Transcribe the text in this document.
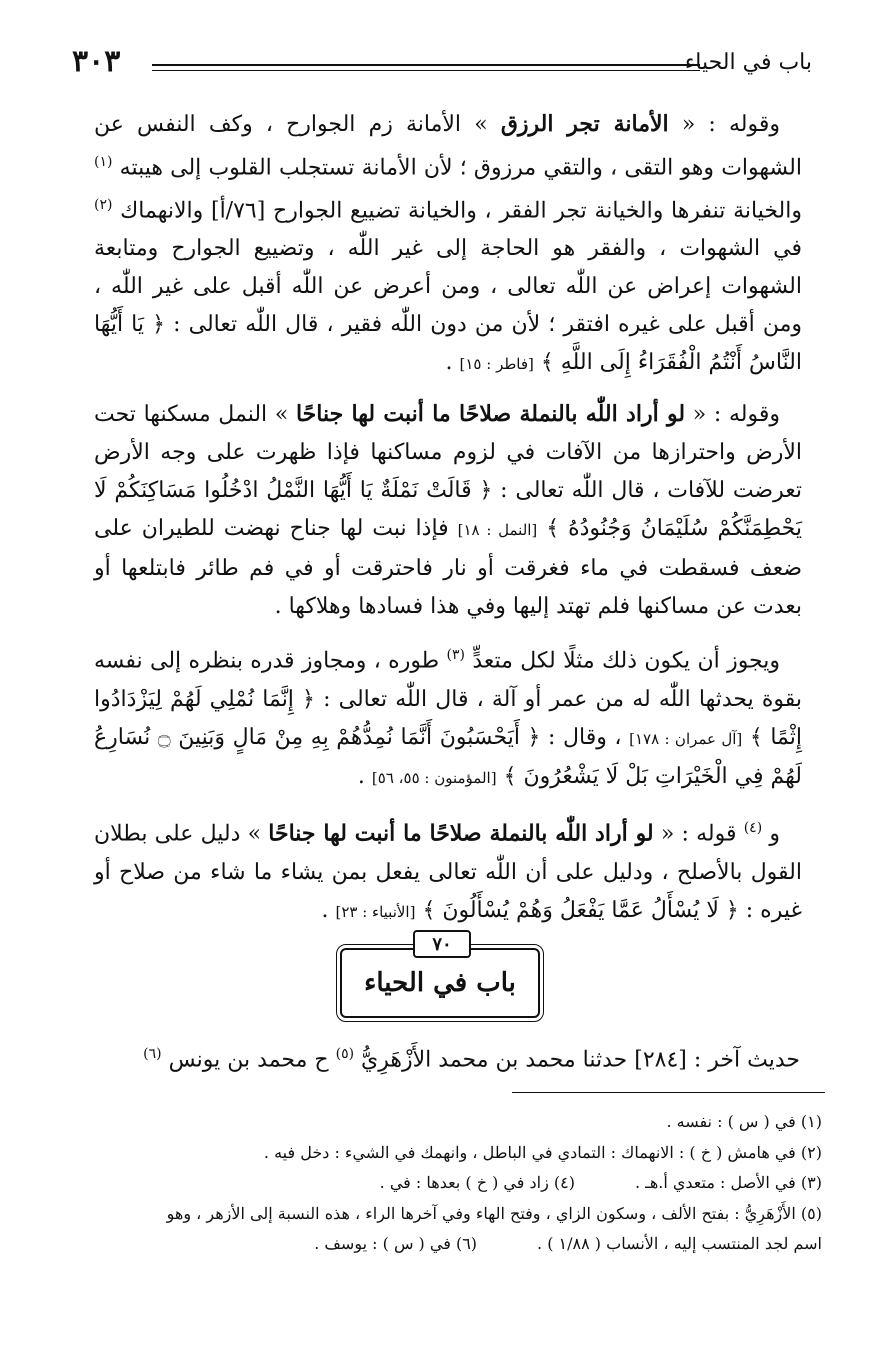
باب في الحياء
٣٠٣

وقوله : « الأمانة تجر الرزق » الأمانة زم الجوارح ، وكف النفس عن الشهوات وهو التقى ، والتقي مرزوق ؛ لأن الأمانة تستجلب القلوب إلى هيبته $^{(١)}$ والخيانة تنفرها والخيانة تجر الفقر ، والخيانة تضييع الجوارح [٧٦/أ] والانهماك $^{(٢)}$ في الشهوات ، والفقر هو الحاجة إلى غير اللّٰه ، وتضييع الجوارح ومتابعة الشهوات إعراض عن اللّٰه تعالى ، ومن أعرض عن اللّٰه أقبل على غير اللّٰه ، ومن أقبل على غيره افتقر ؛ لأن من دون اللّٰه فقير ، قال اللّٰه تعالى : ﴿ يَا أَيُّهَا النَّاسُ أَنْتُمُ الْفُقَرَاءُ إِلَى اللَّهِ ﴾ [فاطر : ١٥] .

وقوله : « لو أراد اللّٰه بالنملة صلاحًا ما أنبت لها جناحًا » النمل مسكنها تحت الأرض واحترازها من الآفات في لزوم مساكنها فإذا ظهرت على وجه الأرض تعرضت للآفات ، قال اللّٰه تعالى : ﴿ قَالَتْ نَمْلَةٌ يَا أَيُّهَا النَّمْلُ ادْخُلُوا مَسَاكِنَكُمْ لَا يَحْطِمَنَّكُمْ سُلَيْمَانُ وَجُنُودُهُ ﴾ [النمل : ١٨] فإذا نبت لها جناح نهضت للطيران على ضعف فسقطت في ماء فغرقت أو نار فاحترقت أو في فم طائر فابتلعها أو بعدت عن مساكنها فلم تهتد إليها وفي هذا فسادها وهلاكها .

ويجوز أن يكون ذلك مثلًا لكل متعدٍّ $^{(٣)}$ طوره ، ومجاوز قدره بنظره إلى نفسه بقوة يحدثها اللّٰه له من عمر أو آلة ، قال اللّٰه تعالى : ﴿ إِنَّمَا نُمْلِي لَهُمْ لِيَزْدَادُوا إِثْمًا ﴾ [آل عمران : ١٧٨] ، وقال : ﴿ أَيَحْسَبُونَ أَنَّمَا نُمِدُّهُمْ بِهِ مِنْ مَالٍ وَبَنِينَ ۝ نُسَارِعُ لَهُمْ فِي الْخَيْرَاتِ بَلْ لَا يَشْعُرُونَ ﴾ [المؤمنون : ٥٥، ٥٦] .

و $^{(٤)}$ قوله : « لو أراد اللّٰه بالنملة صلاحًا ما أنبت لها جناحًا » دليل على بطلان القول بالأصلح ، ودليل على أن اللّٰه تعالى يفعل بمن يشاء ما شاء من صلاح أو غيره : ﴿ لَا يُسْأَلُ عَمَّا يَفْعَلُ وَهُمْ يُسْأَلُونَ ﴾ [الأنبياء : ٢٣] .

باب في الحياء
٧٠
حديث آخر : [٢٨٤] حدثنا محمد بن محمد الأَزْهَرِيُّ $^{(٥)}$ ح محمد بن يونس $^{(٦)}$
(١) في ( س ) : نفسه .
(٢) في هامش ( خ ) : الانهماك : التمادي في الباطل ، وانهمك في الشيء : دخل فيه .
(٣) في الأصل : متعدي أ.هـ .
(٤) زاد في ( خ ) بعدها : في .
(٥) الأَزْهَرِيُّ : بفتح الألف ، وسكون الزاي ، وفتح الهاء وفي آخرها الراء ، هذه النسبة إلى الأزهر ، وهو
اسم لجد المنتسب إليه ، الأنساب ( ١/٨٨ ) .
(٦) في ( س ) : يوسف .
